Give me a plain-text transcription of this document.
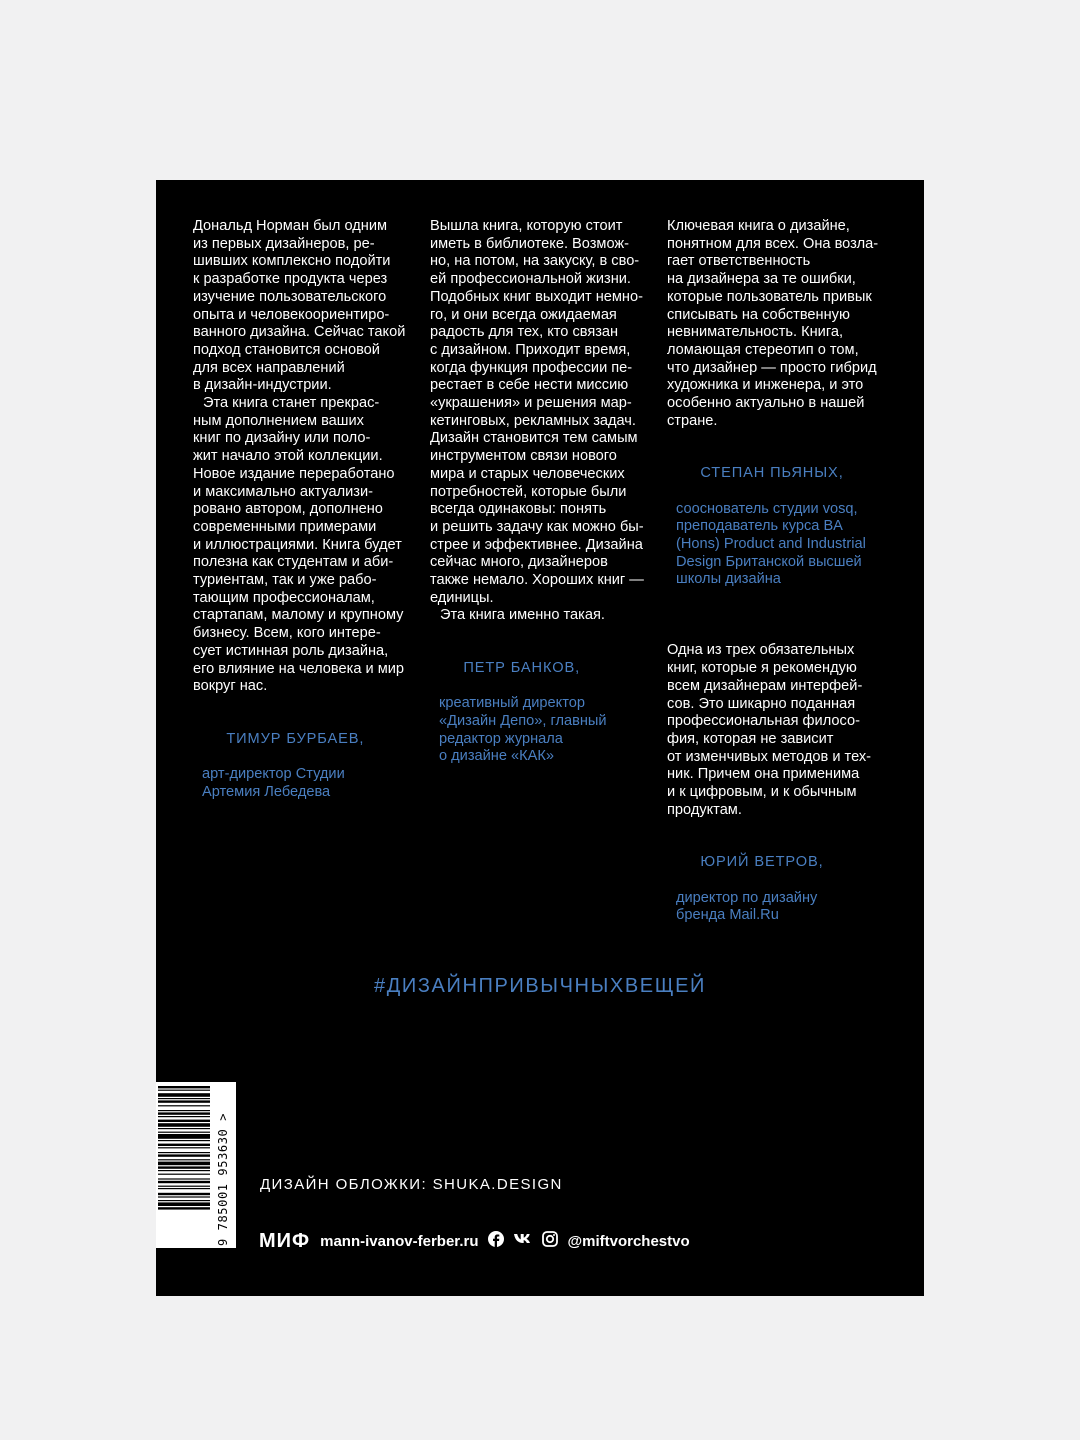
Дональд Норман был одним
из первых дизайнеров, ре-
шивших комплексно подойти
к разработке продукта через
изучение пользовательского
опыта и человекоориентиро-
ванного дизайна. Сейчас такой
подход становится основой
для всех направлений
в дизайн-индустрии.

Эта книга станет прекрас-
ным дополнением ваших
книг по дизайну или поло-
жит начало этой коллекции.
Новое издание переработано
и максимально актуализи-
ровано автором, дополнено
современными примерами
и иллюстрациями. Книга будет
полезна как студентам и аби-
туриентам, так и уже рабо-
тающим профессионалам,
стартапам, малому и крупному
бизнесу. Всем, кого интере-
сует истинная роль дизайна,
его влияние на человека и мир
вокруг нас.

ТИМУР БУРБАЕВ,

арт-директор Студии
Артемия Лебедева

Вышла книга, которую стоит
иметь в библиотеке. Возмож-
но, на потом, на закуску, в сво-
ей профессиональной жизни.
Подобных книг выходит немно-
го, и они всегда ожидаемая
радость для тех, кто связан
с дизайном. Приходит время,
когда функция профессии пе-
рестает в себе нести миссию
«украшения» и решения мар-
кетинговых, рекламных задач.
Дизайн становится тем самым
инструментом связи нового
мира и старых человеческих
потребностей, которые были
всегда одинаковы: понять
и решить задачу как можно бы-
стрее и эффективнее. Дизайна
сейчас много, дизайнеров
также немало. Хороших книг —
единицы.

Эта книга именно такая.

ПЕТР БАНКОВ,

креативный директор
«Дизайн Депо», главный
редактор журнала
о дизайне «КАК»

Ключевая книга о дизайне,
понятном для всех. Она возла-
гает ответственность
на дизайнера за те ошибки,
которые пользователь привык
списывать на собственную
невнимательность. Книга,
ломающая стереотип о том,
что дизайнер — просто гибрид
художника и инженера, и это
особенно актуально в нашей
стране.

СТЕПАН ПЬЯНЫХ,

сооснователь студии vosq,
преподаватель курса BA
(Hons) Product and Industrial
Design Британской высшей
школы дизайна

Одна из трех обязательных
книг, которые я рекомендую
всем дизайнерам интерфей-
сов. Это шикарно поданная
профессиональная филосо-
фия, которая не зависит
от изменчивых методов и тех-
ник. Причем она применима
и к цифровым, и к обычным
продуктам.

ЮРИЙ ВЕТРОВ,

директор по дизайну
бренда Mail.Ru

#ДИЗАЙНПРИВЫЧНЫХВЕЩЕЙ
9 785001 953630 > ДИЗАЙН ОБЛОЖКИ: SHUKA.DESIGN
МИФ mann-ivanov-ferber.ru	@miftvorchestvo
